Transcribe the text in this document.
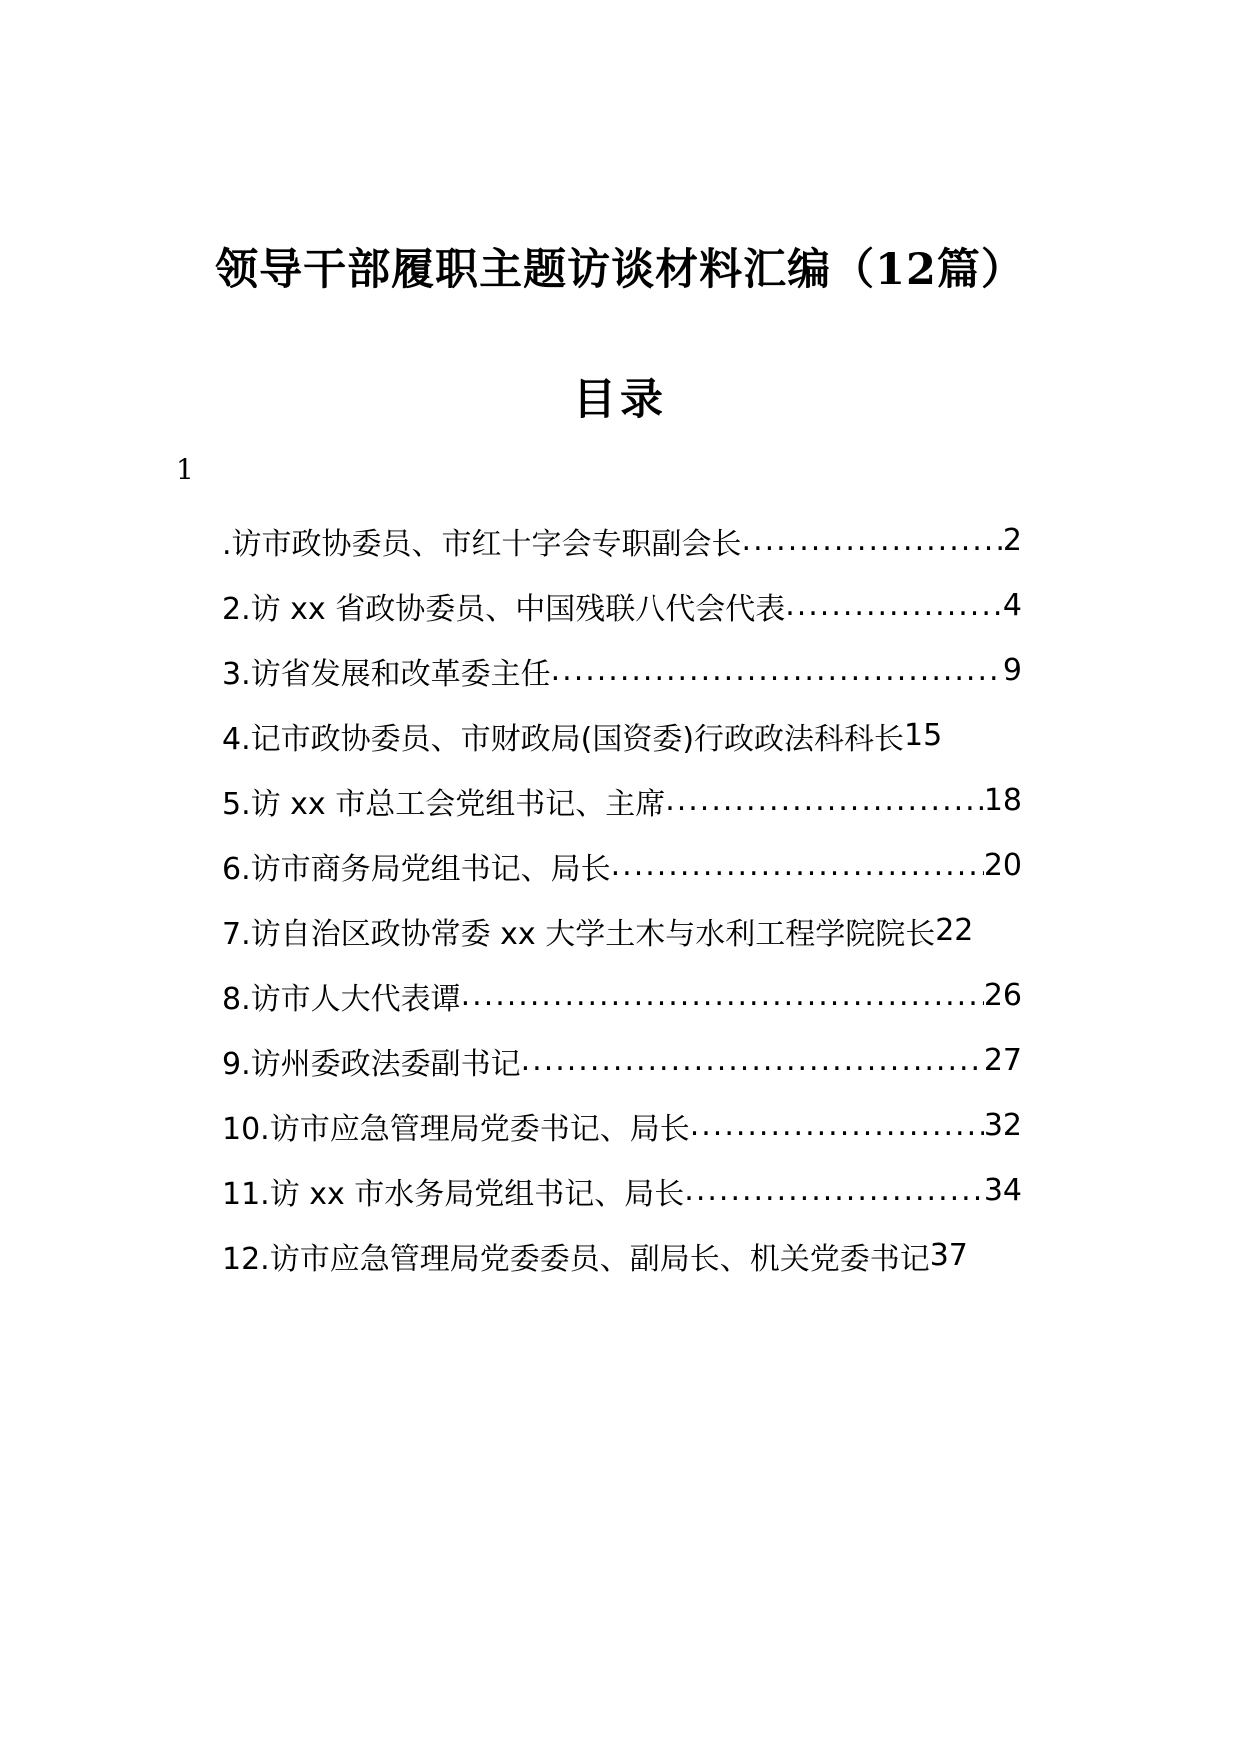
领导干部履职主题访谈材料汇编（12篇）
目录
1
.访市政协委员、市红十字会专职副会长 .....	2
2.访 xx 省政协委员、中国残联八代会代表 .....	4
3.访省发展和改革委主任 .....	9
4.记市政协委员、市财政局(国资委)行政政法科科长 15
5.访 xx 市总工会党组书记、主席 .....	18
6.访市商务局党组书记、局长 .....	20
7.访自治区政协常委 xx 大学土木与水利工程学院院长 22
8.访市人大代表谭 .....	26
9.访州委政法委副书记 .....	27
10.访市应急管理局党委书记、局长 .....	32
11.访 xx 市水务局党组书记、局长 .....	34
12.访市应急管理局党委委员、副局长、机关党委书记 37
